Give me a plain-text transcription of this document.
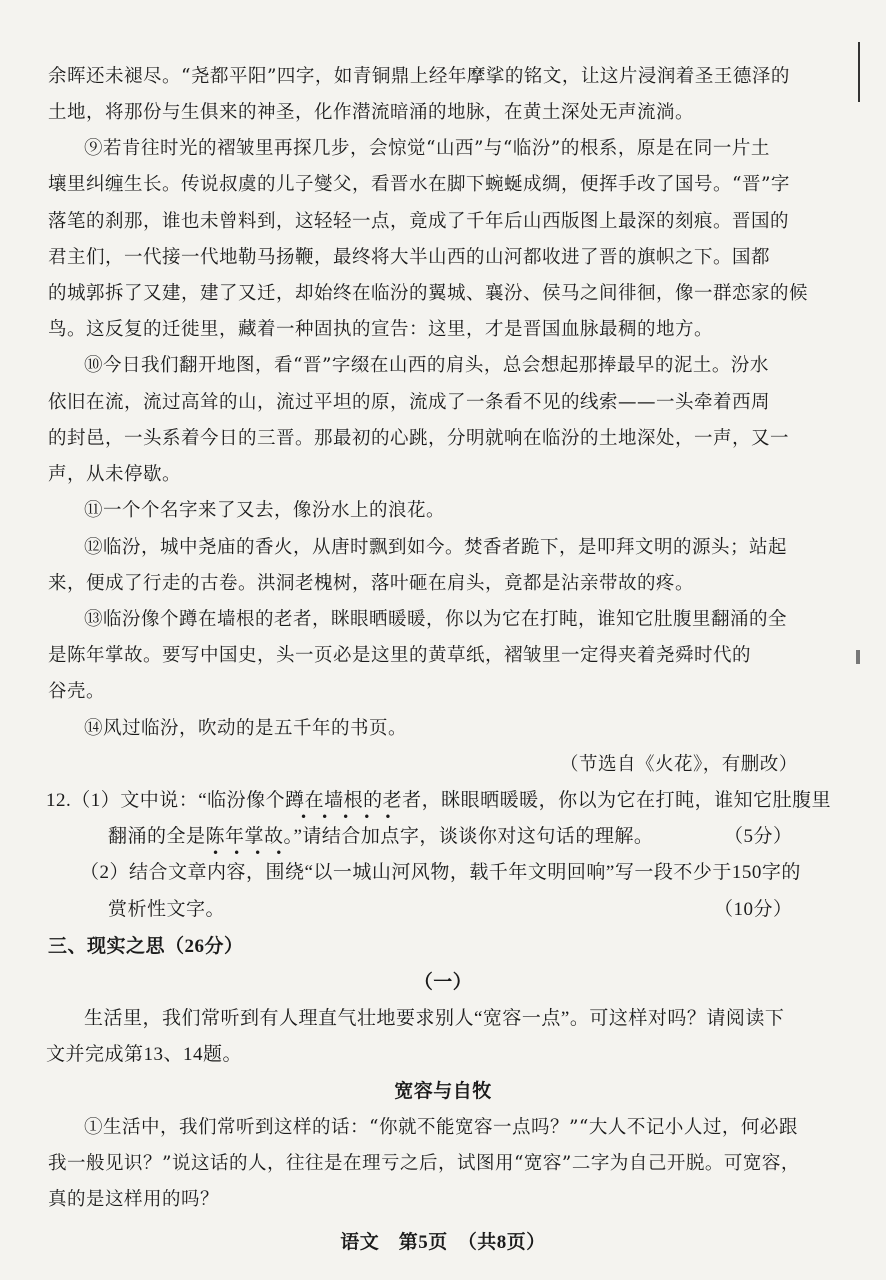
余晖还未褪尽。“尧都平阳”四字，如青铜鼎上经年摩挲的铭文，让这片浸润着圣王德泽的
土地，将那份与生俱来的神圣，化作潜流暗涌的地脉，在黄土深处无声流淌。
⑨若肯往时光的褶皱里再探几步，会惊觉“山西”与“临汾”的根系，原是在同一片土
壤里纠缠生长。传说叔虞的儿子燮父，看晋水在脚下蜿蜒成绸，便挥手改了国号。“晋”字
落笔的刹那，谁也未曾料到，这轻轻一点，竟成了千年后山西版图上最深的刻痕。晋国的
君主们，一代接一代地勒马扬鞭，最终将大半山西的山河都收进了晋的旗帜之下。国都
的城郭拆了又建，建了又迁，却始终在临汾的翼城、襄汾、侯马之间徘徊，像一群恋家的候
鸟。这反复的迁徙里，藏着一种固执的宣告：这里，才是晋国血脉最稠的地方。
⑩今日我们翻开地图，看“晋”字缀在山西的肩头，总会想起那捧最早的泥土。汾水
依旧在流，流过高耸的山，流过平坦的原，流成了一条看不见的线索——一头牵着西周
的封邑，一头系着今日的三晋。那最初的心跳，分明就响在临汾的土地深处，一声，又一
声，从未停歇。
⑪一个个名字来了又去，像汾水上的浪花。
⑫临汾，城中尧庙的香火，从唐时飘到如今。焚香者跪下，是叩拜文明的源头；站起
来，便成了行走的古卷。洪洞老槐树，落叶砸在肩头，竟都是沾亲带故的疼。
⑬临汾像个蹲在墙根的老者，眯眼晒暖暖，你以为它在打盹，谁知它肚腹里翻涌的全
是陈年掌故。要写中国史，头一页必是这里的黄草纸，褶皱里一定得夹着尧舜时代的
谷壳。
⑭风过临汾，吹动的是五千年的书页。
（节选自《火花》，有删改）
12.（1）文中说：“临汾像个蹲在墙根的老者，眯眼晒暖暖，你以为它在打盹，谁知它肚腹里
•••••
翻涌的全是陈年掌故。”请结合加点字，谈谈你对这句话的理解。
••••
（5分）
（2）结合文章内容，围绕“以一城山河风物，载千年文明回响”写一段不少于150字的
赏析性文字。	（10分）
三、现实之思（26分）
（一）
生活里，我们常听到有人理直气壮地要求别人“宽容一点”。可这样对吗？请阅读下
文并完成第13、14题。
宽容与自牧
①生活中，我们常听到这样的话：“你就不能宽容一点吗？”“大人不记小人过，何必跟
我一般见识？”说这话的人，往往是在理亏之后，试图用“宽容”二字为自己开脱。可宽容，
真的是这样用的吗？
语文　第5页　（共8页）
